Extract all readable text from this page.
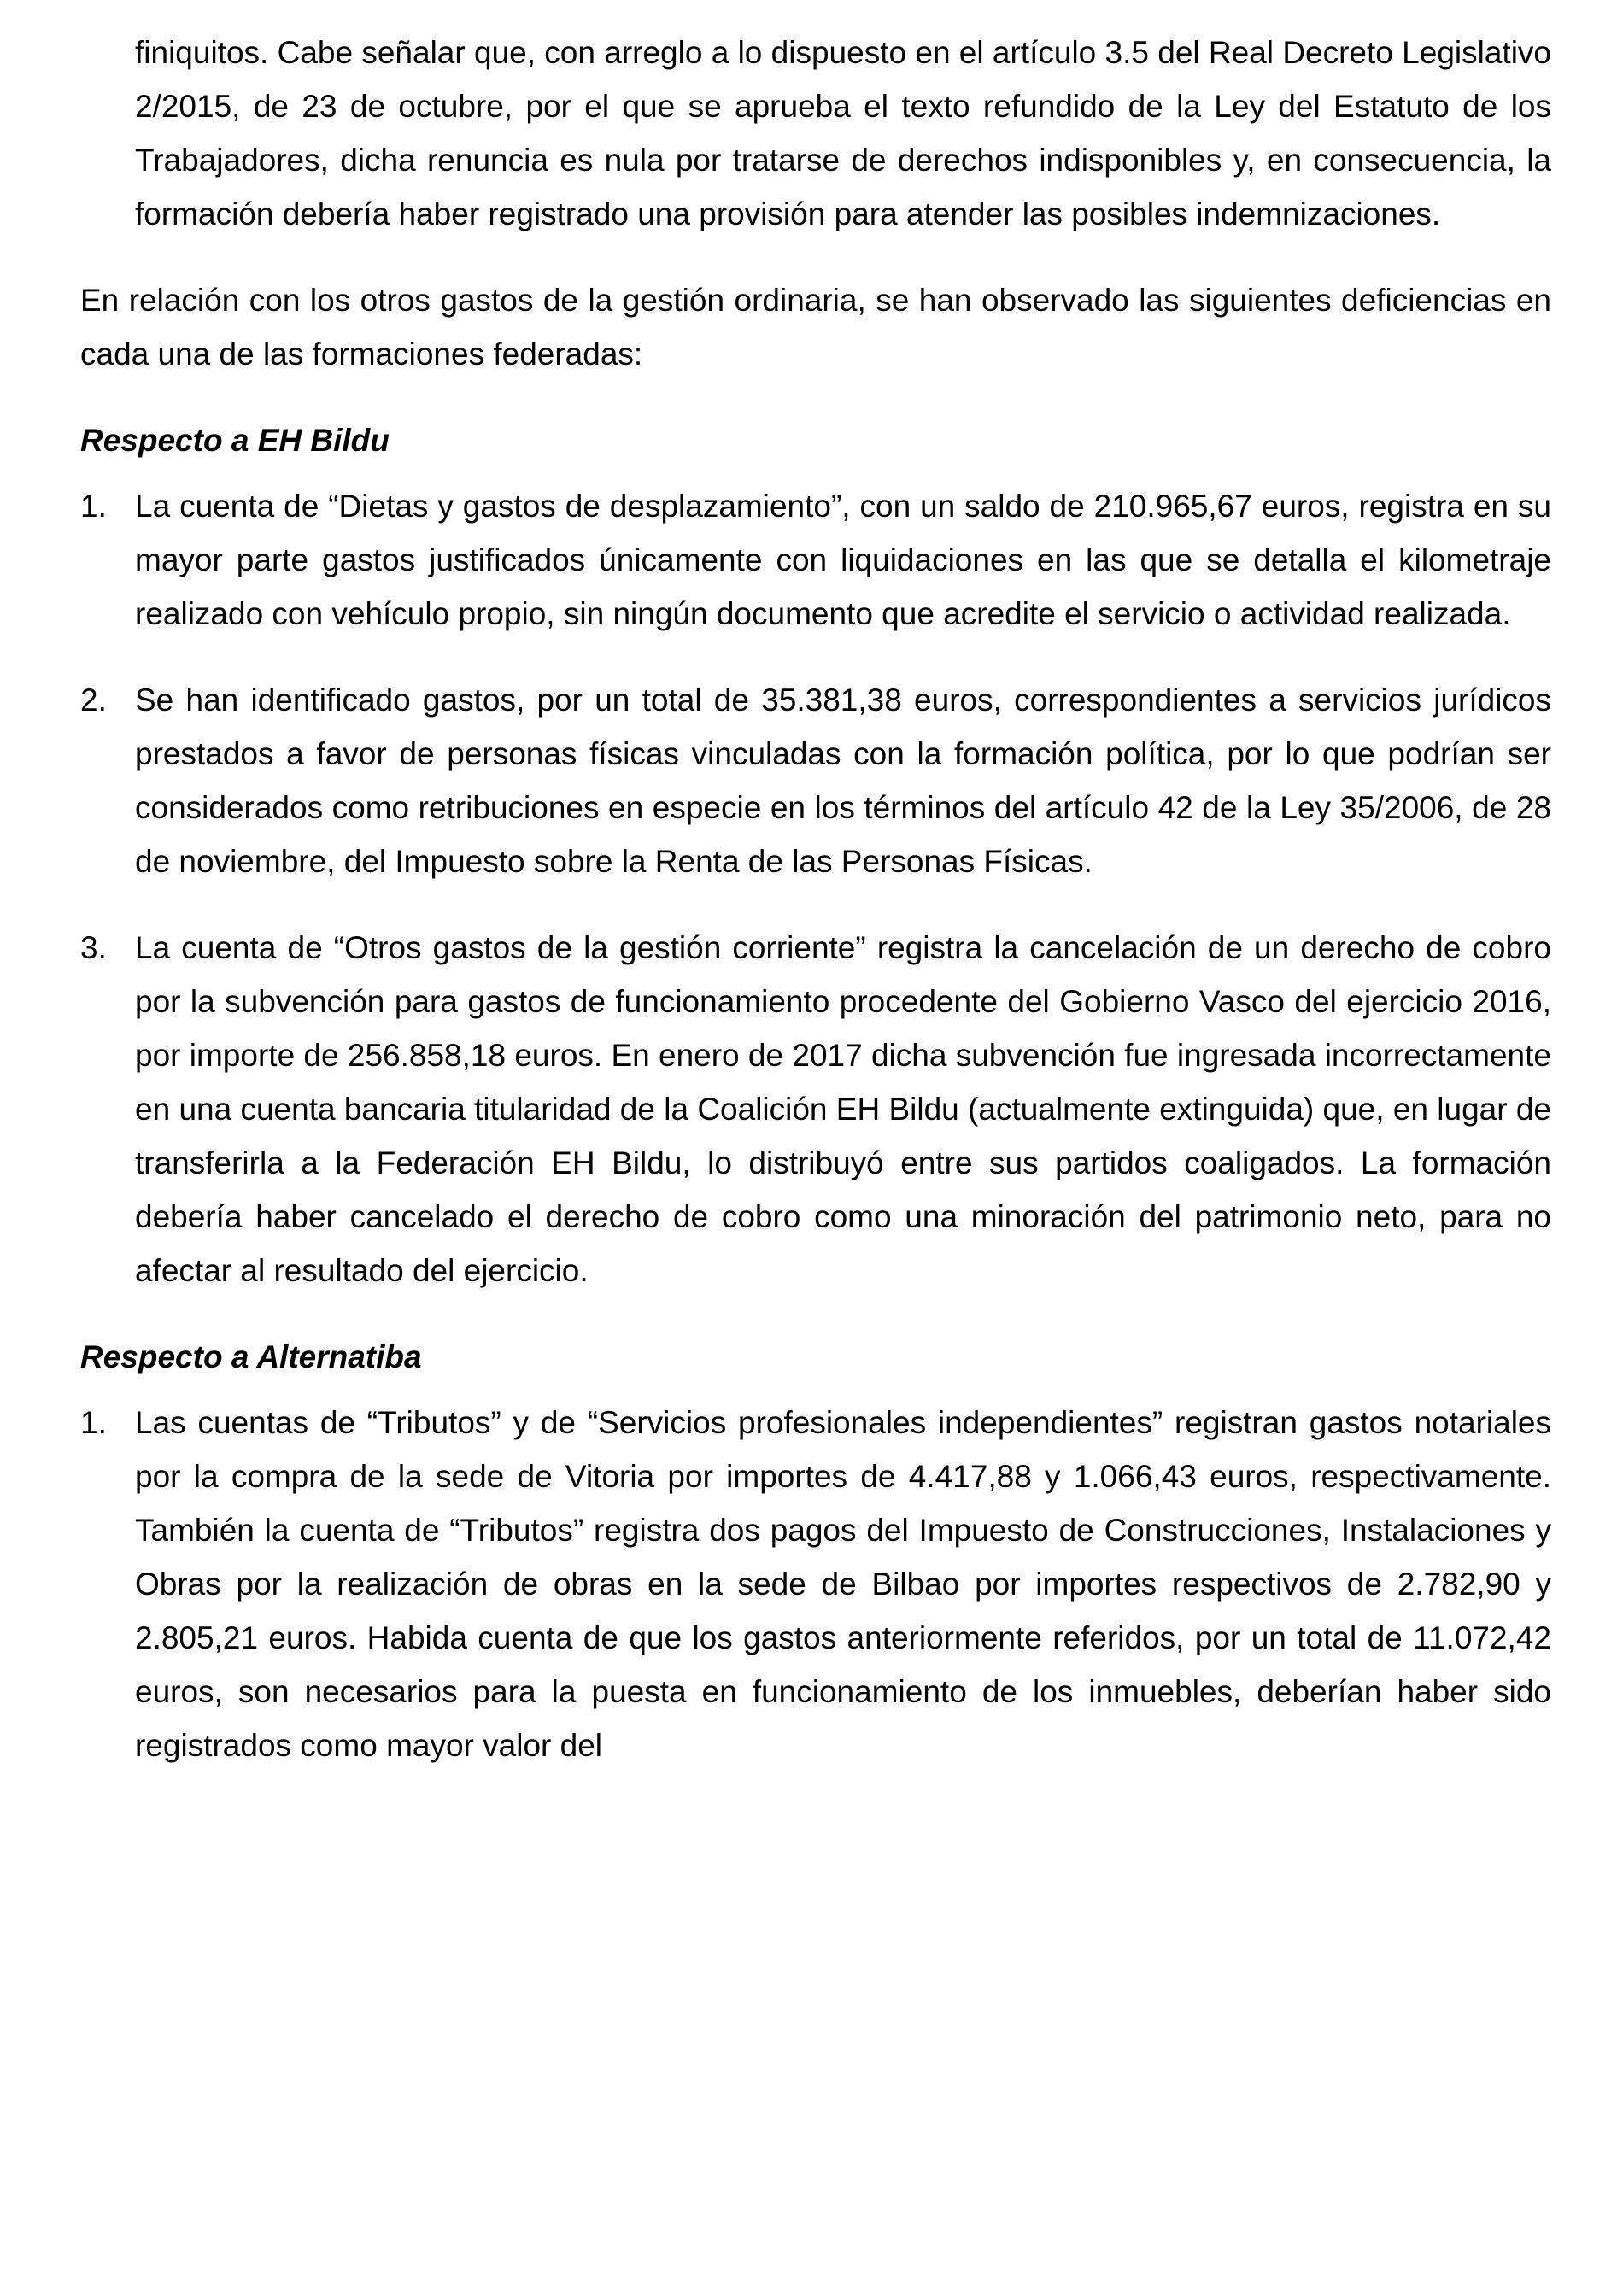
finiquitos. Cabe señalar que, con arreglo a lo dispuesto en el artículo 3.5 del Real Decreto Legislativo 2/2015, de 23 de octubre, por el que se aprueba el texto refundido de la Ley del Estatuto de los Trabajadores, dicha renuncia es nula por tratarse de derechos indisponibles y, en consecuencia, la formación debería haber registrado una provisión para atender las posibles indemnizaciones.

En relación con los otros gastos de la gestión ordinaria, se han observado las siguientes deficiencias en cada una de las formaciones federadas:

Respecto a EH Bildu
1. La cuenta de “Dietas y gastos de desplazamiento”, con un saldo de 210.965,67 euros, registra en su mayor parte gastos justificados únicamente con liquidaciones en las que se detalla el kilometraje realizado con vehículo propio, sin ningún documento que acredite el servicio o actividad realizada.

2. Se han identificado gastos, por un total de 35.381,38 euros, correspondientes a servicios jurídicos prestados a favor de personas físicas vinculadas con la formación política, por lo que podrían ser considerados como retribuciones en especie en los términos del artículo 42 de la Ley 35/2006, de 28 de noviembre, del Impuesto sobre la Renta de las Personas Físicas.

3. La cuenta de “Otros gastos de la gestión corriente” registra la cancelación de un derecho de cobro por la subvención para gastos de funcionamiento procedente del Gobierno Vasco del ejercicio 2016, por importe de 256.858,18 euros. En enero de 2017 dicha subvención fue ingresada incorrectamente en una cuenta bancaria titularidad de la Coalición EH Bildu (actualmente extinguida) que, en lugar de transferirla a la Federación EH Bildu, lo distribuyó entre sus partidos coaligados. La formación debería haber cancelado el derecho de cobro como una minoración del patrimonio neto, para no afectar al resultado del ejercicio.

Respecto a Alternatiba
1. Las cuentas de “Tributos” y de “Servicios profesionales independientes” registran gastos notariales por la compra de la sede de Vitoria por importes de 4.417,88 y 1.066,43 euros, respectivamente. También la cuenta de “Tributos” registra dos pagos del Impuesto de Construcciones, Instalaciones y Obras por la realización de obras en la sede de Bilbao por importes respectivos de 2.782,90 y 2.805,21 euros. Habida cuenta de que los gastos anteriormente referidos, por un total de 11.072,42 euros, son necesarios para la puesta en funcionamiento de los inmuebles, deberían haber sido registrados como mayor valor del
